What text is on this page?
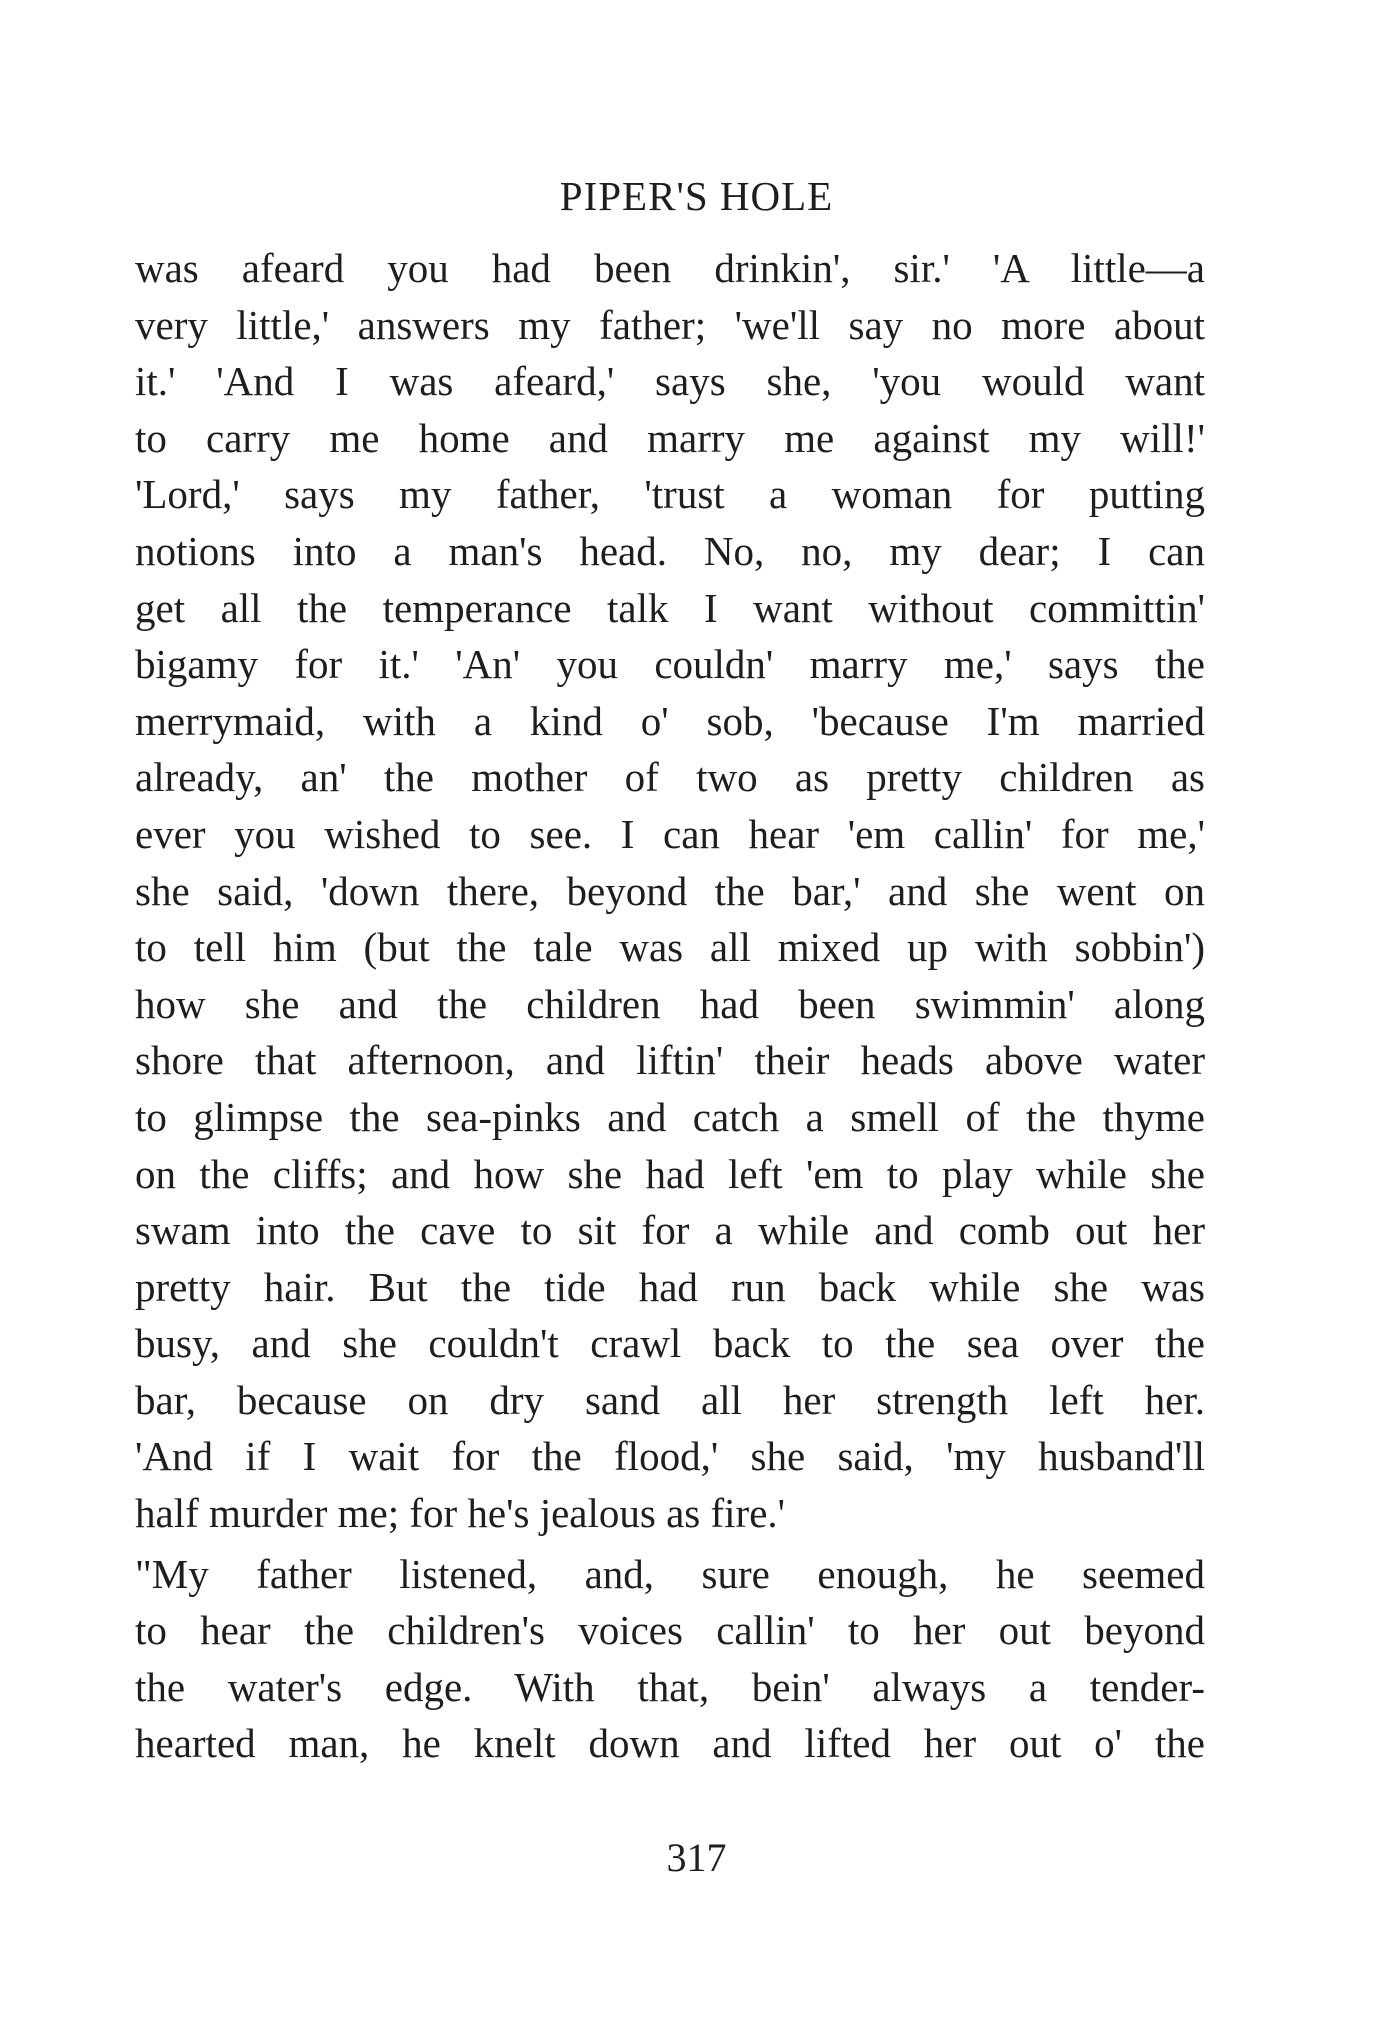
PIPER'S HOLE
was afeard you had been drinkin', sir.' 'A little—a
very little,' answers my father; 'we'll say no more about
it.' 'And I was afeard,' says she, 'you would want
to carry me home and marry me against my will!'
'Lord,' says my father, 'trust a woman for putting
notions into a man's head. No, no, my dear; I can
get all the temperance talk I want without committin'
bigamy for it.' 'An' you couldn' marry me,' says the
merrymaid, with a kind o' sob, 'because I'm married
already, an' the mother of two as pretty children as
ever you wished to see. I can hear 'em callin' for me,'
she said, 'down there, beyond the bar,' and she went on
to tell him (but the tale was all mixed up with sobbin')
how she and the children had been swimmin' along
shore that afternoon, and liftin' their heads above water
to glimpse the sea-pinks and catch a smell of the thyme
on the cliffs; and how she had left 'em to play while she
swam into the cave to sit for a while and comb out her
pretty hair. But the tide had run back while she was
busy, and she couldn't crawl back to the sea over the
bar, because on dry sand all her strength left her.
'And if I wait for the flood,' she said, 'my husband'll
half murder me; for he's jealous as fire.'
"My father listened, and, sure enough, he seemed
to hear the children's voices callin' to her out beyond
the water's edge. With that, bein' always a tender-
hearted man, he knelt down and lifted her out o' the
317
